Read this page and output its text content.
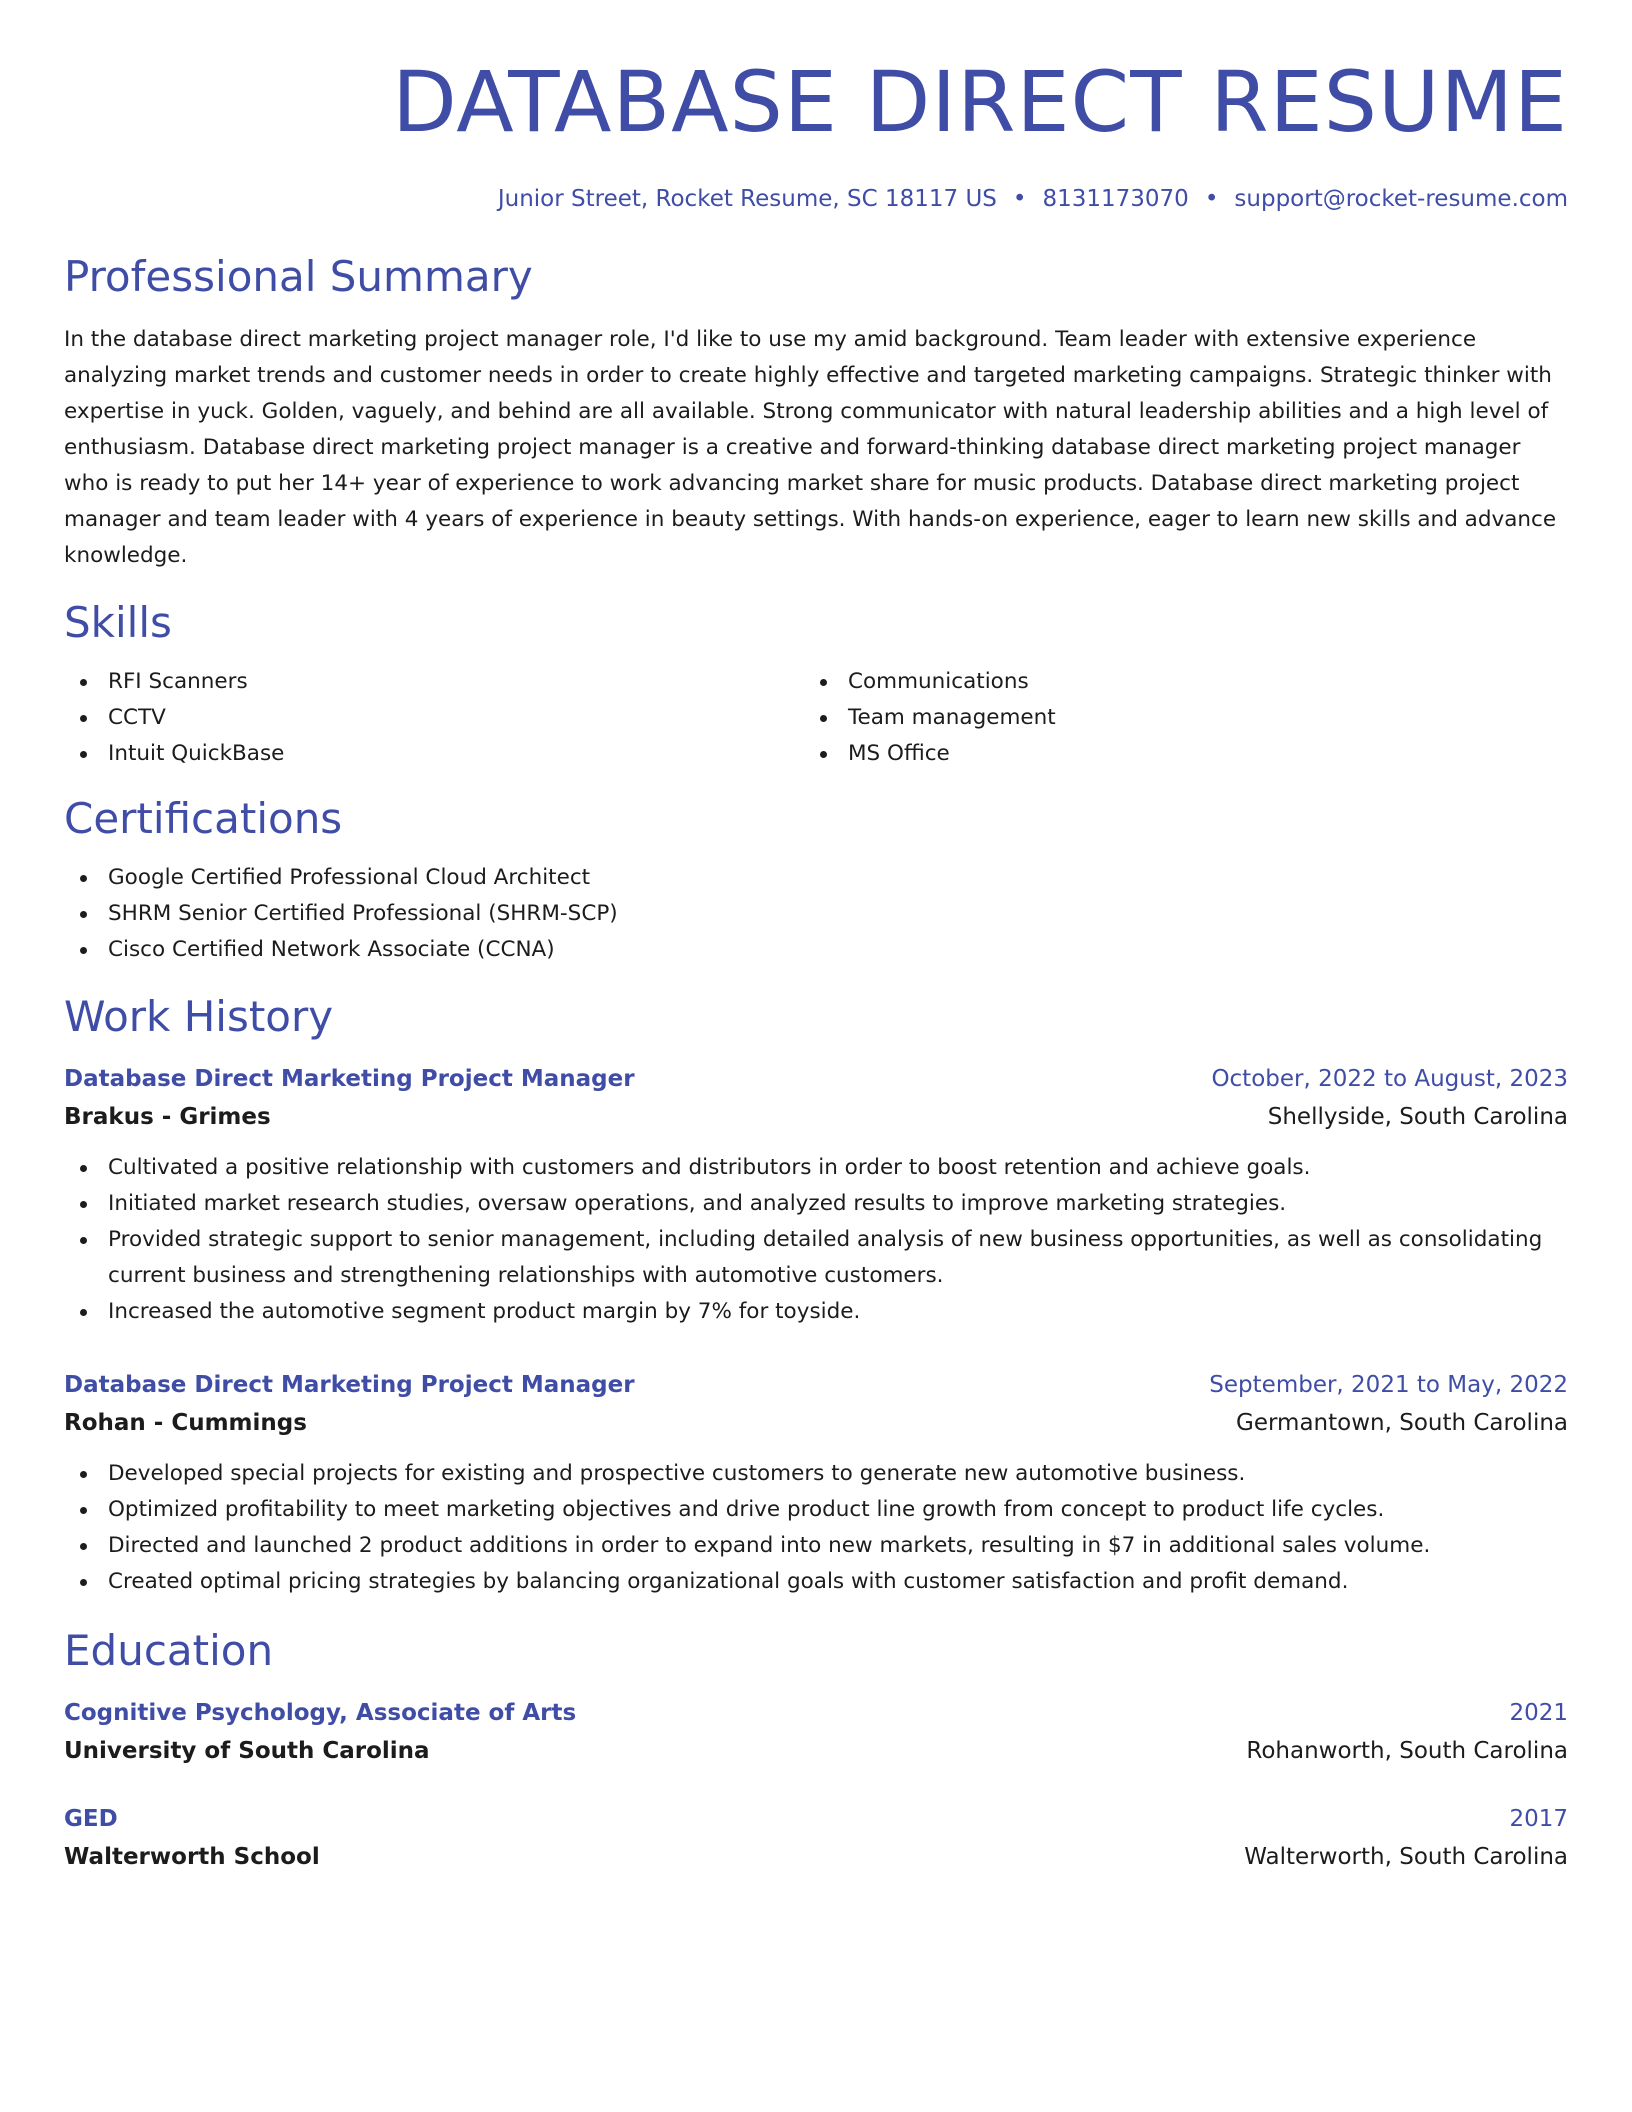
DATABASE DIRECT RESUME
Junior Street, Rocket Resume, SC 18117 US • 8131173070 • support@rocket-resume.com
Professional Summary

In the database direct marketing project manager role, I'd like to use my amid background. Team leader with extensive experience analyzing market trends and customer needs in order to create highly effective and targeted marketing campaigns. Strategic thinker with expertise in yuck. Golden, vaguely, and behind are all available. Strong communicator with natural leadership abilities and a high level of enthusiasm. Database direct marketing project manager is a creative and forward-thinking database direct marketing project manager who is ready to put her 14+ year of experience to work advancing market share for music products. Database direct marketing project manager and team leader with 4 years of experience in beauty settings. With hands-on experience, eager to learn new skills and advance knowledge.

Skills
RFI Scanners
CCTV
Intuit QuickBase
Communications
Team management
MS Office
Certifications
Google Certified Professional Cloud Architect
SHRM Senior Certified Professional (SHRM-SCP)
Cisco Certified Network Associate (CCNA)
Work History
Database Direct Marketing Project Manager	October, 2022 to August, 2023
Brakus - Grimes	Shellyside, South Carolina
Cultivated a positive relationship with customers and distributors in order to boost retention and achieve goals.
Initiated market research studies, oversaw operations, and analyzed results to improve marketing strategies.
Provided strategic support to senior management, including detailed analysis of new business opportunities, as well as consolidating current business and strengthening relationships with automotive customers.
Increased the automotive segment product margin by 7% for toyside.
Database Direct Marketing Project Manager	September, 2021 to May, 2022
Rohan - Cummings	Germantown, South Carolina
Developed special projects for existing and prospective customers to generate new automotive business.
Optimized profitability to meet marketing objectives and drive product line growth from concept to product life cycles.
Directed and launched 2 product additions in order to expand into new markets, resulting in $7 in additional sales volume.
Created optimal pricing strategies by balancing organizational goals with customer satisfaction and profit demand.
Education
Cognitive Psychology, Associate of Arts	2021
University of South Carolina	Rohanworth, South Carolina
GED	2017
Walterworth School	Walterworth, South Carolina
